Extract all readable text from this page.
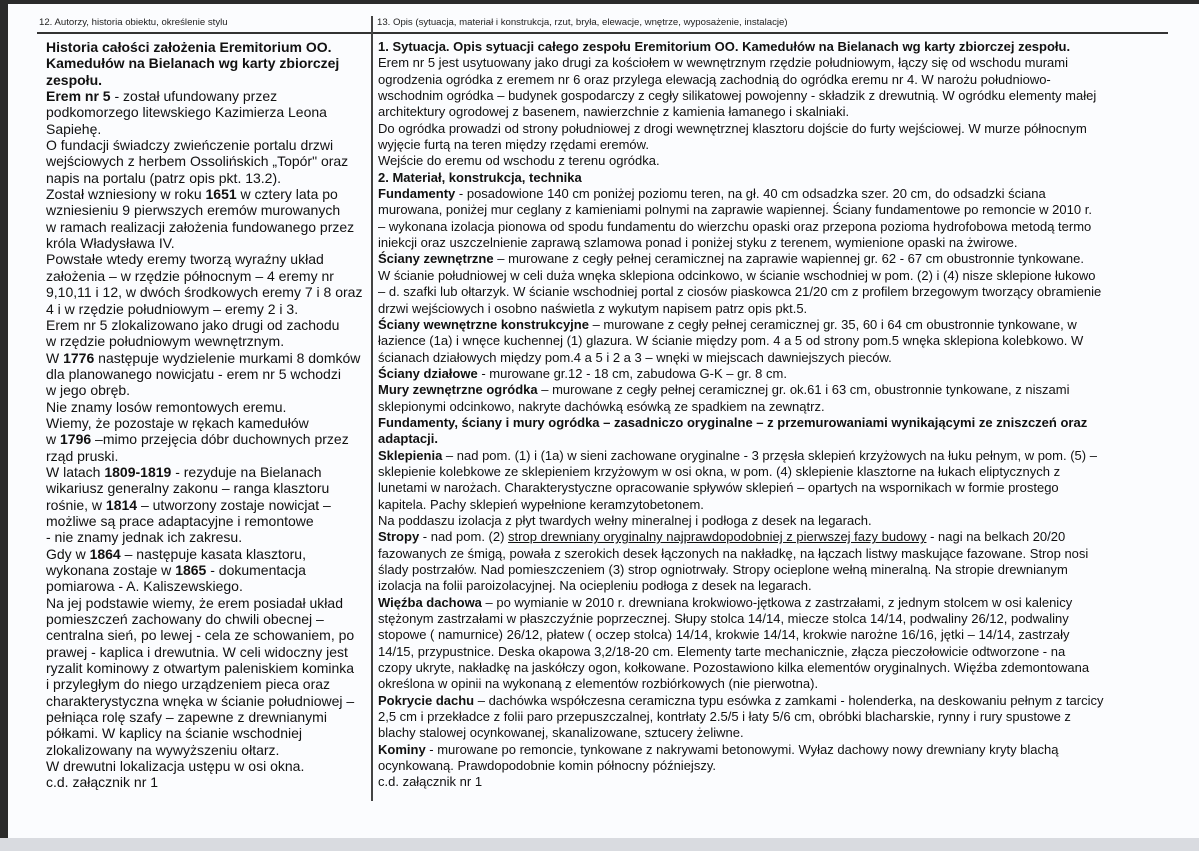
12. Autorzy, historia obiektu, określenie stylu	13. Opis (sytuacja, materiał i konstrukcja, rzut, bryła, elewacje, wnętrze, wyposażenie, instalacje)
Historia całości założenia Eremitorium OO.
Kamedułów na Bielanach wg karty zbiorczej
zespołu.
Erem nr 5 - został ufundowany przez
podkomorzego litewskiego Kazimierza Leona
Sapiehę.
O fundacji świadczy zwieńczenie portalu drzwi
wejściowych z herbem Ossolińskich „Topór" oraz
napis na portalu (patrz opis pkt. 13.2).
Został wzniesiony w roku 1651 w cztery lata po
wzniesieniu 9 pierwszych eremów murowanych
w ramach realizacji założenia fundowanego przez
króla Władysława IV.
Powstałe wtedy eremy tworzą wyraźny układ
założenia – w rzędzie północnym – 4 eremy nr
9,10,11 i 12, w dwóch środkowych eremy 7 i 8 oraz
4 i w rzędzie południowym – eremy 2 i 3.
Erem nr 5 zlokalizowano jako drugi od zachodu
w rzędzie południowym wewnętrznym.
W 1776 następuje wydzielenie murkami 8 domków
dla planowanego nowicjatu - erem nr 5 wchodzi
w jego obręb.
Nie znamy losów remontowych eremu.
Wiemy, że pozostaje w rękach kamedułów
w 1796 –mimo przejęcia dóbr duchownych przez
rząd pruski.
W latach 1809-1819 - rezyduje na Bielanach
wikariusz generalny zakonu – ranga klasztoru
rośnie, w 1814 – utworzony zostaje nowicjat –
możliwe są prace adaptacyjne i remontowe
- nie znamy jednak ich zakresu.
Gdy w 1864 – następuje kasata klasztoru,
wykonana zostaje w 1865 - dokumentacja
pomiarowa - A. Kaliszewskiego.
Na jej podstawie wiemy, że erem posiadał układ
pomieszczeń zachowany do chwili obecnej –
centralna sień, po lewej - cela ze schowaniem, po
prawej - kaplica i drewutnia. W celi widoczny jest
ryzalit kominowy z otwartym paleniskiem kominka
i przyległym do niego urządzeniem pieca oraz
charakterystyczna wnęka w ścianie południowej –
pełniąca rolę szafy – zapewne z drewnianymi
półkami. W kaplicy na ścianie wschodniej
zlokalizowany na wywyższeniu ołtarz.
W drewutni lokalizacja ustępu w osi okna.
c.d. załącznik nr 1
1. Sytuacja. Opis sytuacji całego zespołu Eremitorium OO. Kamedułów na Bielanach wg karty zbiorczej zespołu.
Erem nr 5 jest usytuowany jako drugi za kościołem w wewnętrznym rzędzie południowym, łączy się od wschodu murami
ogrodzenia ogródka z eremem nr 6 oraz przylega elewacją zachodnią do ogródka eremu nr 4. W narożu południowo-
wschodnim ogródka – budynek gospodarczy z cegły silikatowej powojenny - składzik z drewutnią. W ogródku elementy małej
architektury ogrodowej z basenem, nawierzchnie z kamienia łamanego i skalniaki.
Do ogródka prowadzi od strony południowej z drogi wewnętrznej klasztoru dojście do furty wejściowej. W murze północnym
wyjęcie furtą na teren między rzędami eremów.
Wejście do eremu od wschodu z terenu ogródka.
2. Materiał, konstrukcja, technika
Fundamenty - posadowione 140 cm poniżej poziomu teren, na gł. 40 cm odsadzka szer. 20 cm, do odsadzki ściana
murowana, poniżej mur ceglany z kamieniami polnymi na zaprawie wapiennej. Ściany fundamentowe po remoncie w 2010 r.
– wykonana izolacja pionowa od spodu fundamentu do wierzchu opaski oraz przepona pozioma hydrofobowa metodą termo
iniekcji oraz uszczelnienie zaprawą szlamowa ponad i poniżej styku z terenem, wymienione opaski na żwirowe.
Ściany zewnętrzne – murowane z cegły pełnej ceramicznej na zaprawie wapiennej gr. 62 - 67 cm obustronnie tynkowane.
W ścianie południowej w celi duża wnęka sklepiona odcinkowo, w ścianie wschodniej w pom. (2) i (4) nisze sklepione łukowo
– d. szafki lub ołtarzyk. W ścianie wschodniej portal z ciosów piaskowca 21/20 cm z profilem brzegowym tworzący obramienie
drzwi wejściowych i osobno naświetla z wykutym napisem patrz opis pkt.5.
Ściany wewnętrzne konstrukcyjne – murowane z cegły pełnej ceramicznej gr. 35, 60 i 64 cm obustronnie tynkowane, w
łazience (1a) i wnęce kuchennej (1) glazura. W ścianie między pom. 4 a 5 od strony pom.5 wnęka sklepiona kolebkowo. W
ścianach działowych między pom.4 a 5 i 2 a 3 – wnęki w miejscach dawniejszych pieców.
Ściany działowe - murowane gr.12 - 18 cm, zabudowa G-K – gr. 8 cm.
Mury zewnętrzne ogródka – murowane z cegły pełnej ceramicznej gr. ok.61 i 63 cm, obustronnie tynkowane, z niszami
sklepionymi odcinkowo, nakryte dachówką esówką ze spadkiem na zewnątrz.
Fundamenty, ściany i mury ogródka – zasadniczo oryginalne – z przemurowaniami wynikającymi ze zniszczeń oraz
adaptacji.
Sklepienia – nad pom. (1) i (1a) w sieni zachowane oryginalne - 3 przęsła sklepień krzyżowych na łuku pełnym, w pom. (5) –
sklepienie kolebkowe ze sklepieniem krzyżowym w osi okna, w pom. (4) sklepienie klasztorne na łukach eliptycznych z
lunetami w narożach. Charakterystyczne opracowanie spływów sklepień – opartych na wspornikach w formie prostego
kapitela. Pachy sklepień wypełnione keramzytobetonem.
Na poddaszu izolacja z płyt twardych wełny mineralnej i podłoga z desek na legarach.
Stropy - nad pom. (2) strop drewniany oryginalny najprawdopodobniej z pierwszej fazy budowy - nagi na belkach 20/20
fazowanych ze śmigą, powała z szerokich desek łączonych na nakładkę, na łączach listwy maskujące fazowane. Strop nosi
ślady postrzałów. Nad pomieszczeniem (3) strop ogniotrwały. Stropy ocieplone wełną mineralną. Na stropie drewnianym
izolacja na folii paroizolacyjnej. Na ociepleniu podłoga z desek na legarach.
Więźba dachowa – po wymianie w 2010 r. drewniana krokwiowo-jętkowa z zastrzałami, z jednym stolcem w osi kalenicy
stężonym zastrzałami w płaszczyźnie poprzecznej. Słupy stolca 14/14, miecze stolca 14/14, podwaliny 26/12, podwaliny
stopowe ( namurnice) 26/12, płatew ( oczep stolca) 14/14, krokwie 14/14, krokwie narożne 16/16, jętki – 14/14, zastrzały
14/15, przypustnice. Deska okapowa 3,2/18-20 cm. Elementy tarte mechanicznie, złącza pieczołowicie odtworzone - na
czopy ukryte, nakładkę na jaskółczy ogon, kołkowane. Pozostawiono kilka elementów oryginalnych. Więźba zdemontowana
określona w opinii na wykonaną z elementów rozbiórkowych (nie pierwotna).
Pokrycie dachu – dachówka współczesna ceramiczna typu esówka z zamkami - holenderka, na deskowaniu pełnym z tarcicy
2,5 cm i przekładce z folii paro przepuszczalnej, kontrłaty 2.5/5 i łaty 5/6 cm, obróbki blacharskie, rynny i rury spustowe z
blachy stalowej ocynkowanej, skanalizowane, sztucery żeliwne.
Kominy - murowane po remoncie, tynkowane z nakrywami betonowymi. Wyłaz dachowy nowy drewniany kryty blachą
ocynkowaną. Prawdopodobnie komin północny późniejszy.
c.d. załącznik nr 1
